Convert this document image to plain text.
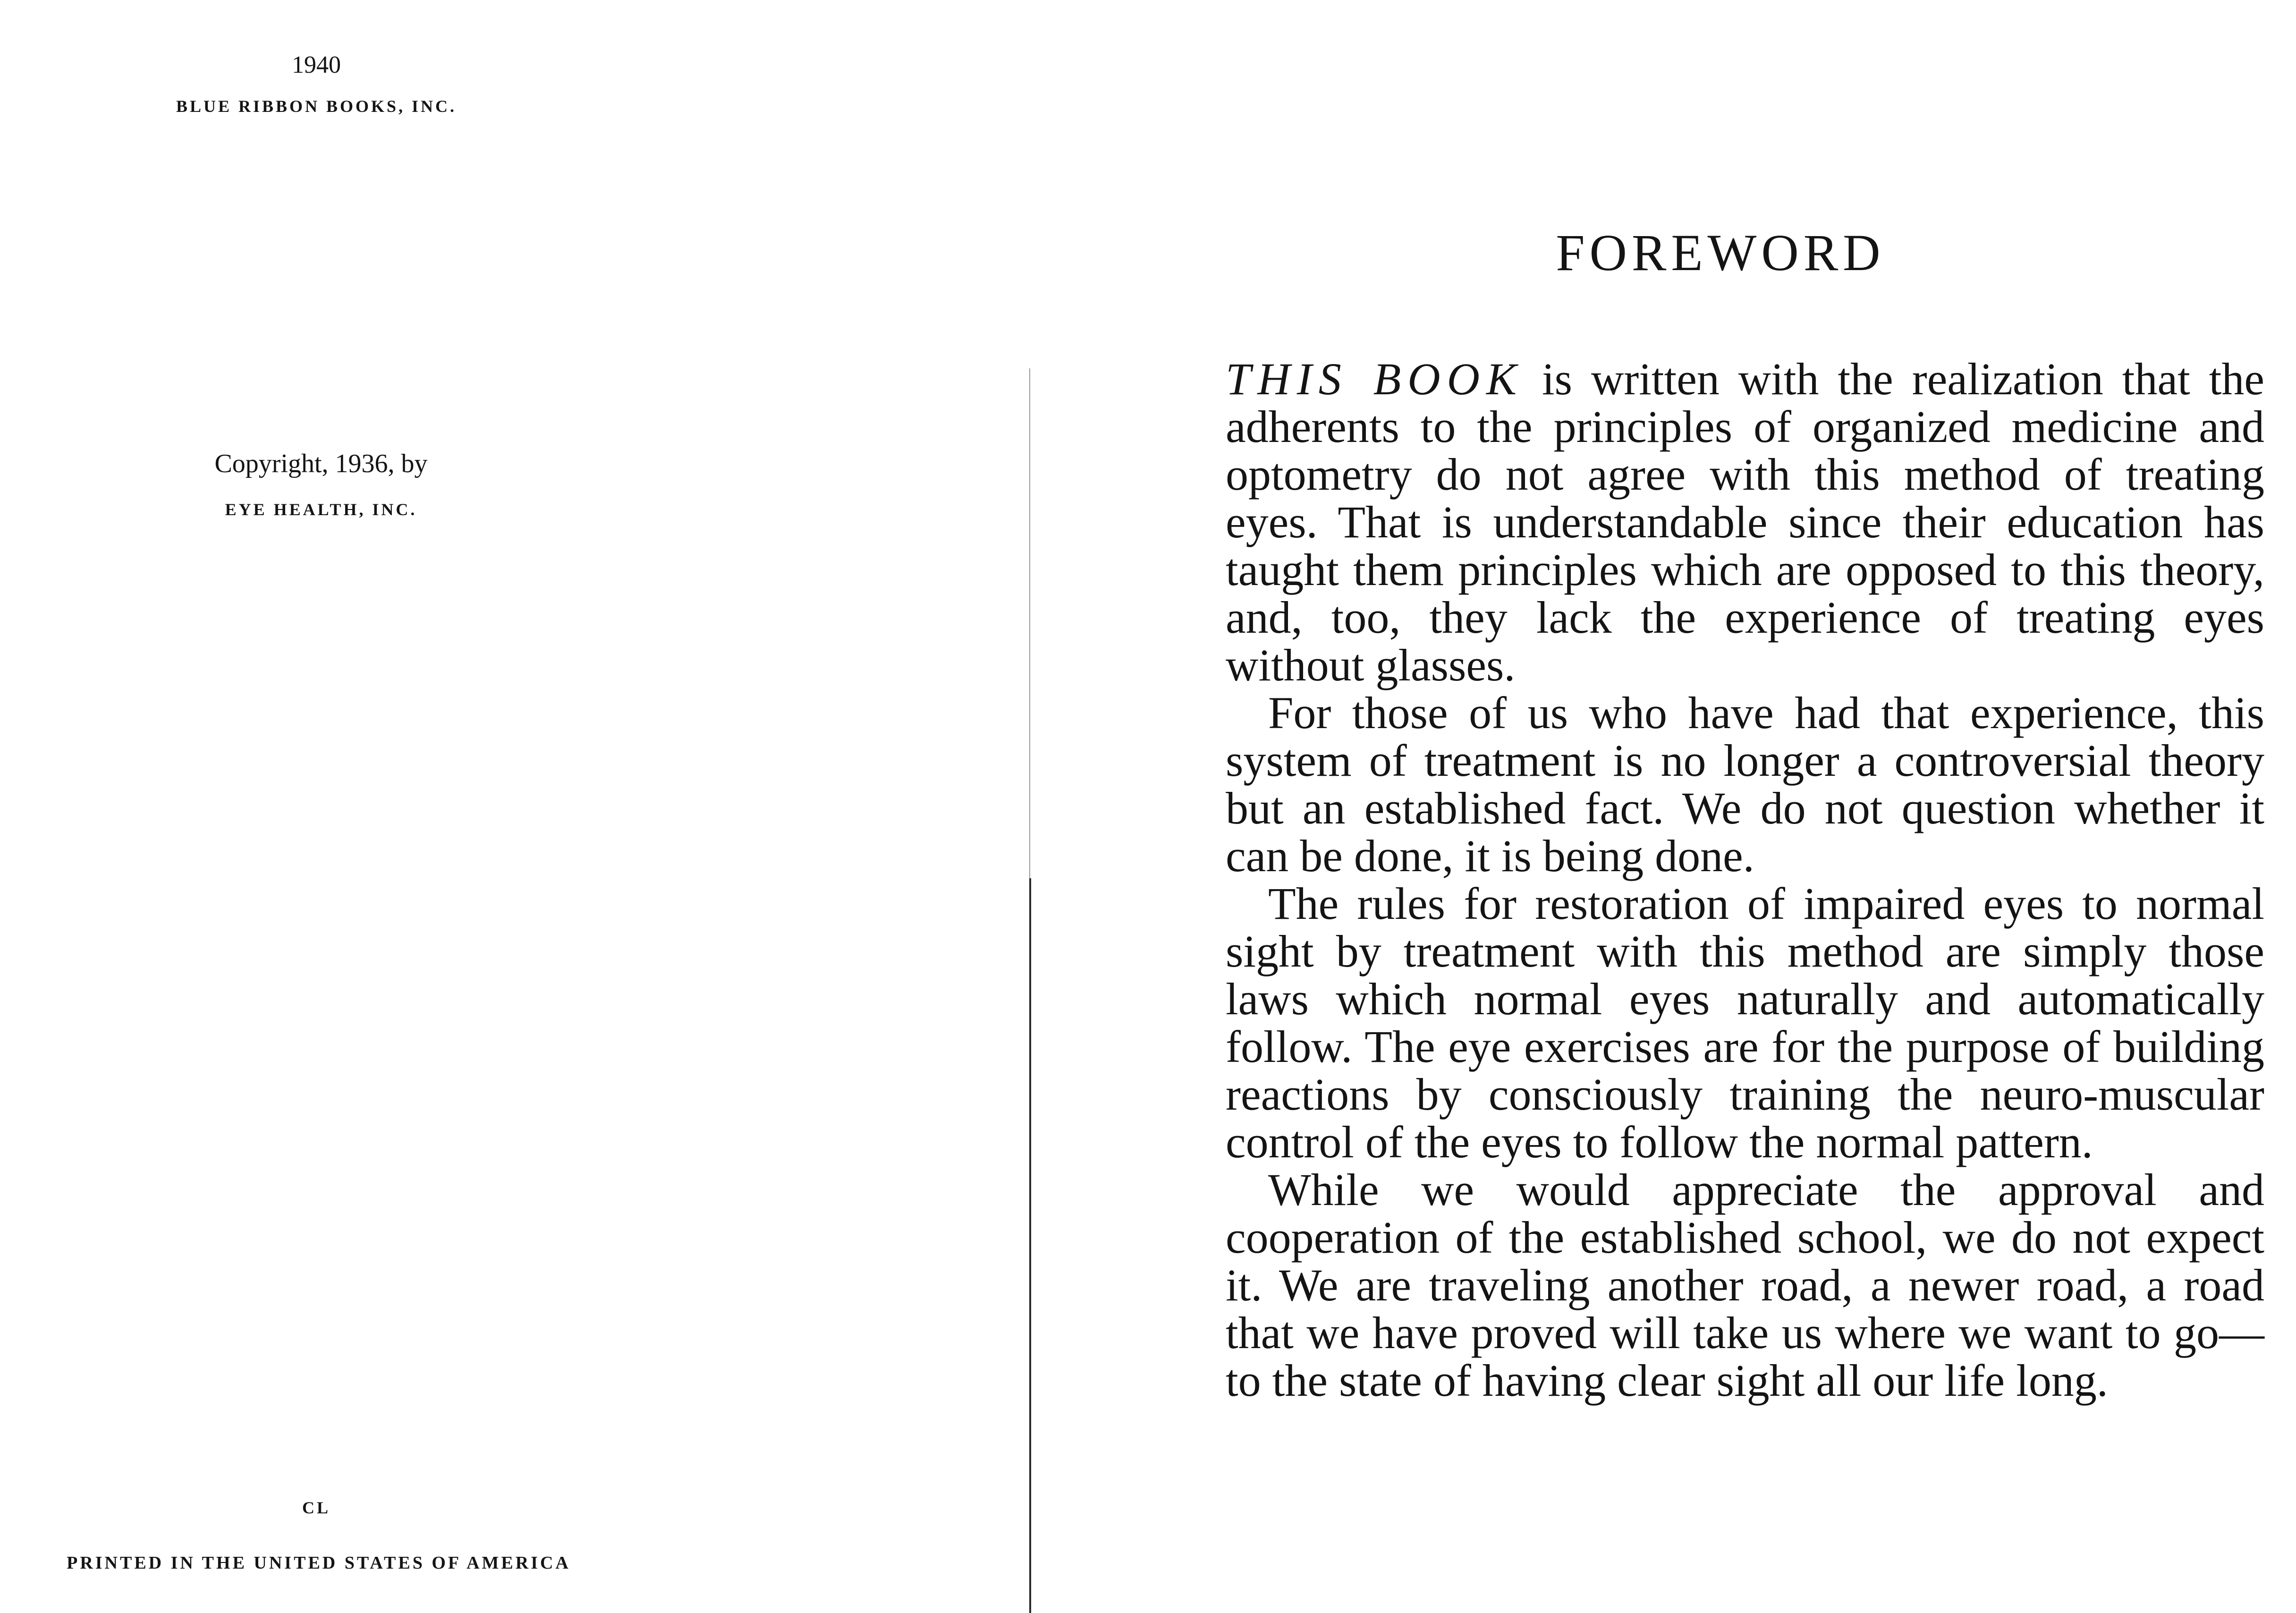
1940
BLUE RIBBON BOOKS, INC.
Copyright, 1936, by
EYE HEALTH, INC.
CL
PRINTED IN THE UNITED STATES OF AMERICA
FOREWORD

THIS BOOK is written with the realization that the adherents to the principles of organized medicine and optometry do not agree with this method of treating eyes. That is understandable since their education has taught them principles which are opposed to this theory, and, too, they lack the experience of treating eyes without glasses.

For those of us who have had that experience, this system of treatment is no longer a controversial theory but an established fact. We do not question whether it can be done, it is being done.

The rules for restoration of impaired eyes to normal sight by treatment with this method are simply those laws which normal eyes naturally and automatically follow. The eye exercises are for the purpose of building reactions by consciously training the neuro-muscular control of the eyes to follow the normal pattern.

While we would appreciate the approval and cooperation of the established school, we do not expect it. We are traveling another road, a newer road, a road that we have proved will take us where we want to go—to the state of having clear sight all our life long.
